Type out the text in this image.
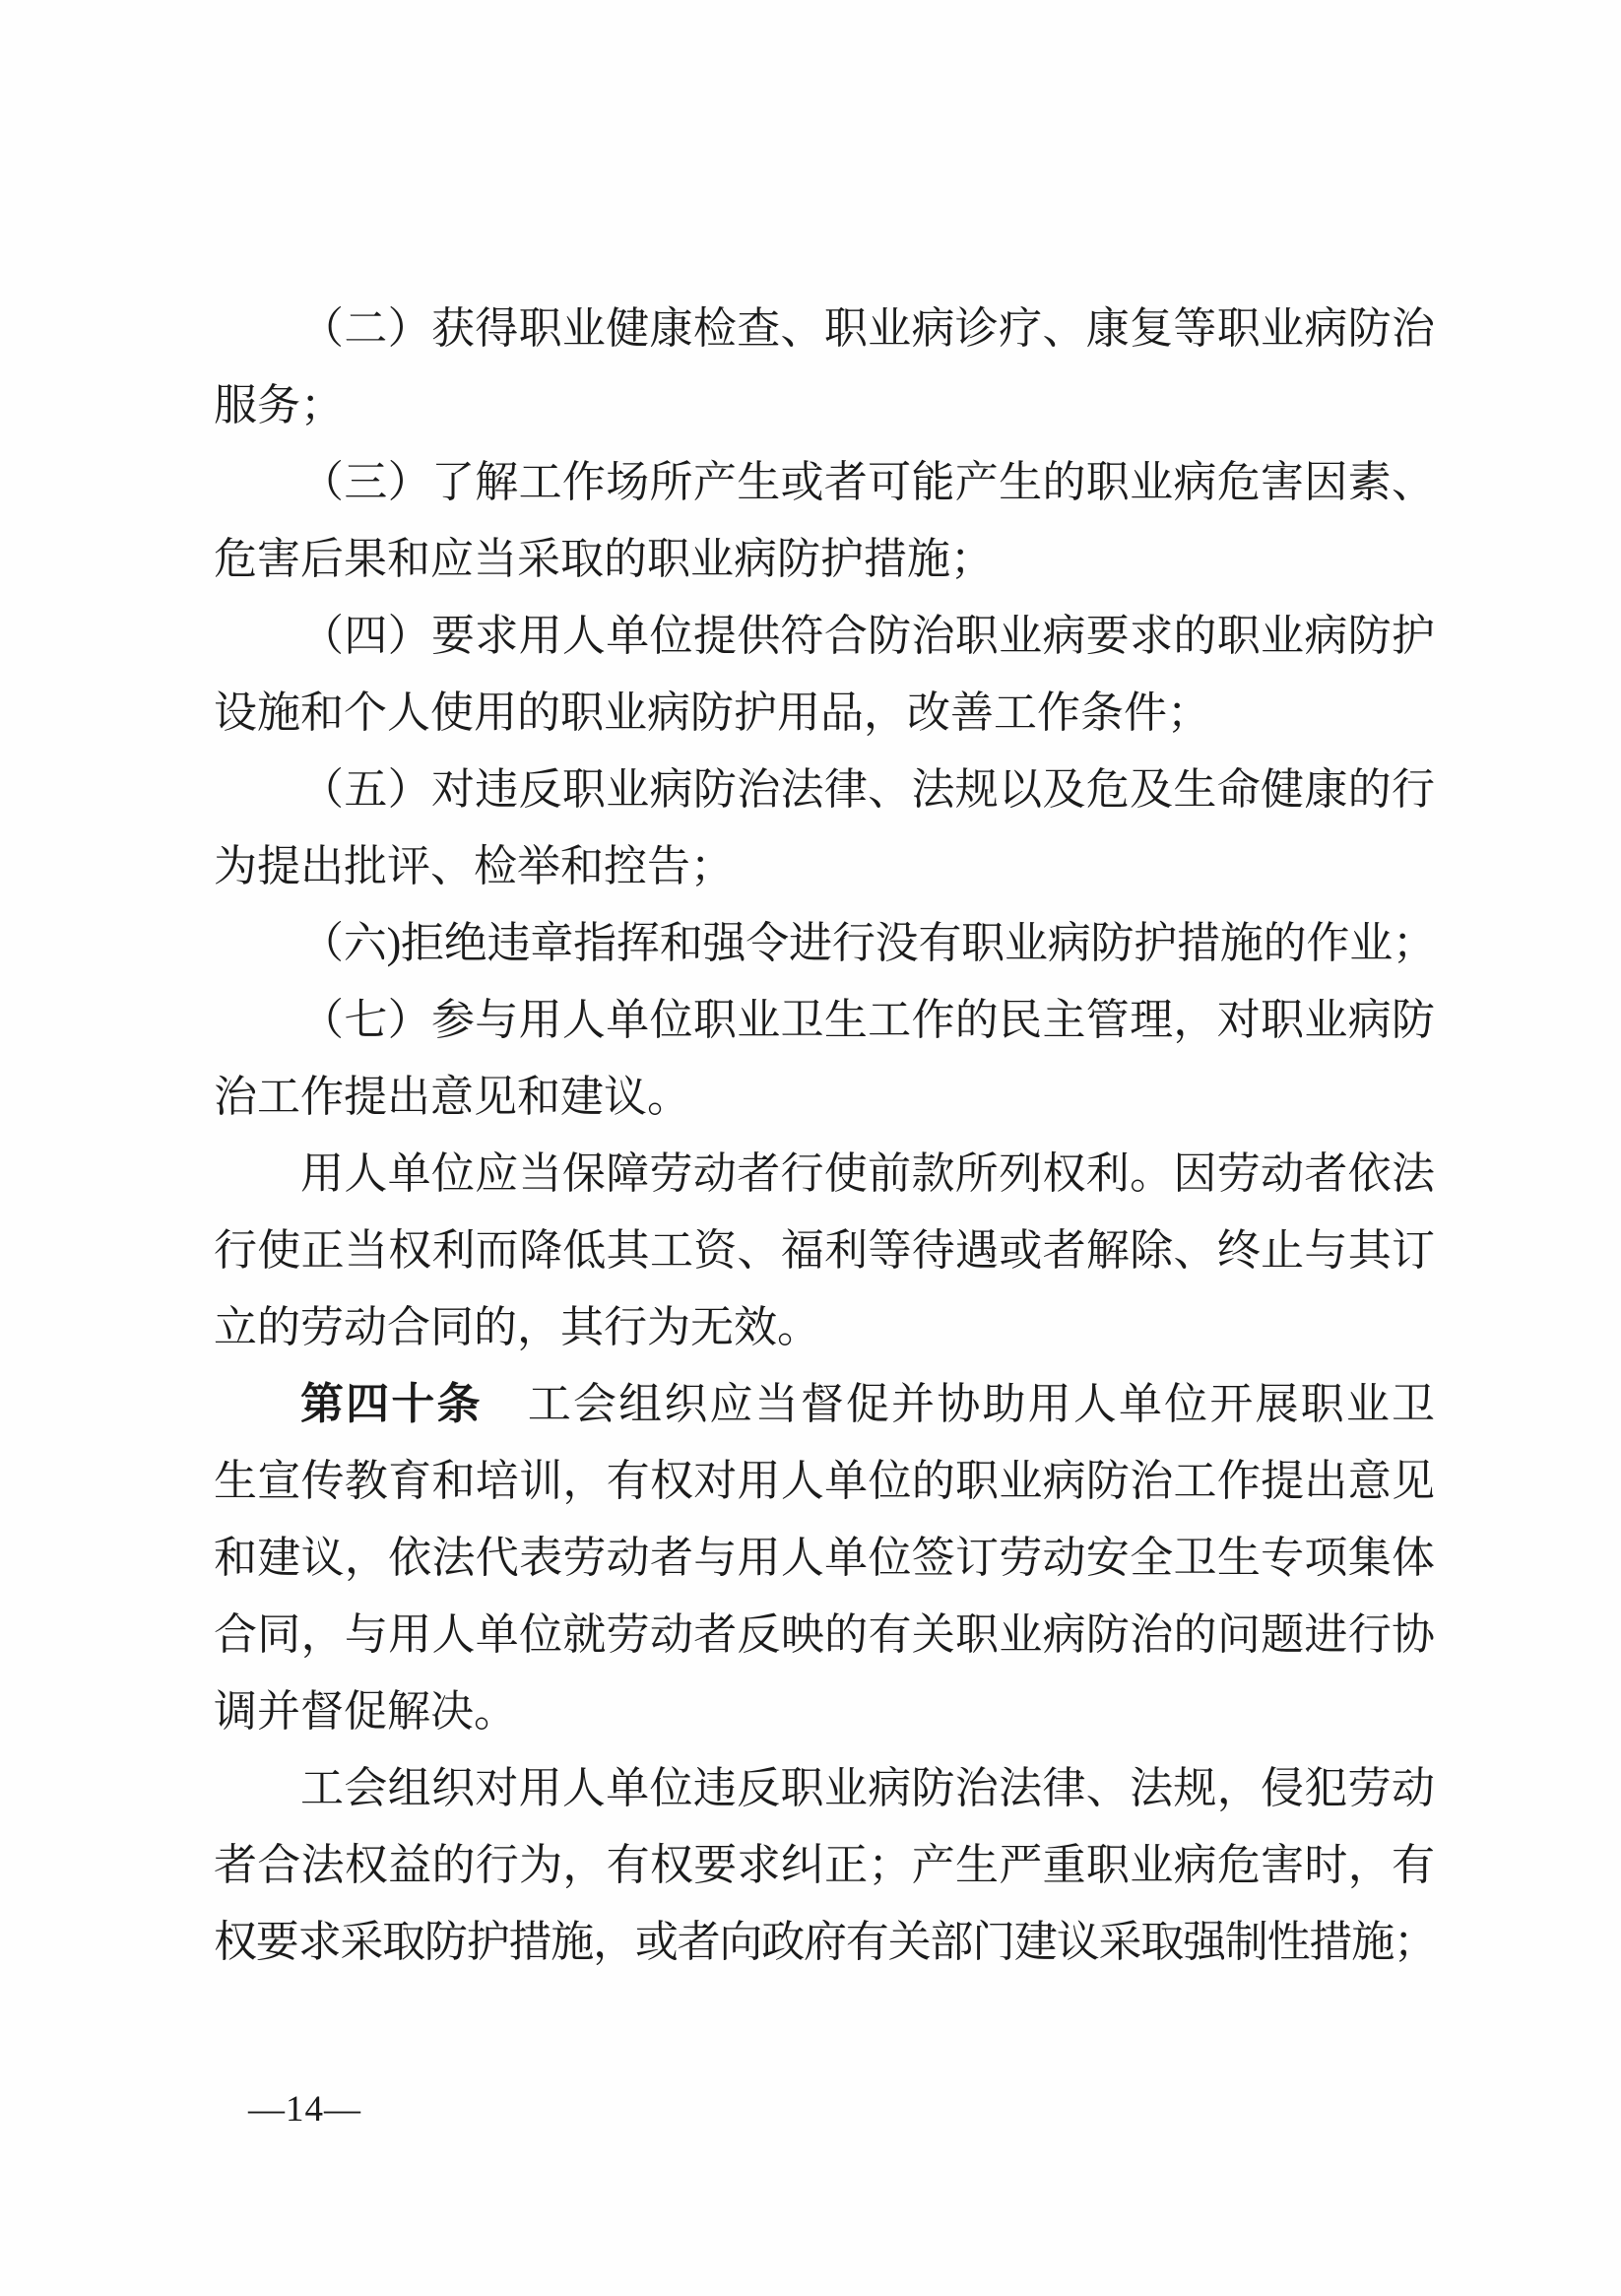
（二）获得职业健康检查、职业病诊疗、康复等职业病防治
服务；
（三）了解工作场所产生或者可能产生的职业病危害因素、
危害后果和应当采取的职业病防护措施；
（四）要求用人单位提供符合防治职业病要求的职业病防护
设施和个人使用的职业病防护用品，改善工作条件；
（五）对违反职业病防治法律、法规以及危及生命健康的行
为提出批评、检举和控告；
（六)拒绝违章指挥和强令进行没有职业病防护措施的作业；
（七）参与用人单位职业卫生工作的民主管理，对职业病防
治工作提出意见和建议。
用人单位应当保障劳动者行使前款所列权利。因劳动者依法
行使正当权利而降低其工资、福利等待遇或者解除、终止与其订
立的劳动合同的，其行为无效。
第四十条　工会组织应当督促并协助用人单位开展职业卫
生宣传教育和培训，有权对用人单位的职业病防治工作提出意见
和建议，依法代表劳动者与用人单位签订劳动安全卫生专项集体
合同，与用人单位就劳动者反映的有关职业病防治的问题进行协
调并督促解决。
工会组织对用人单位违反职业病防治法律、法规，侵犯劳动
者合法权益的行为，有权要求纠正；产生严重职业病危害时，有
权要求采取防护措施，或者向政府有关部门建议采取强制性措施；
—14—
